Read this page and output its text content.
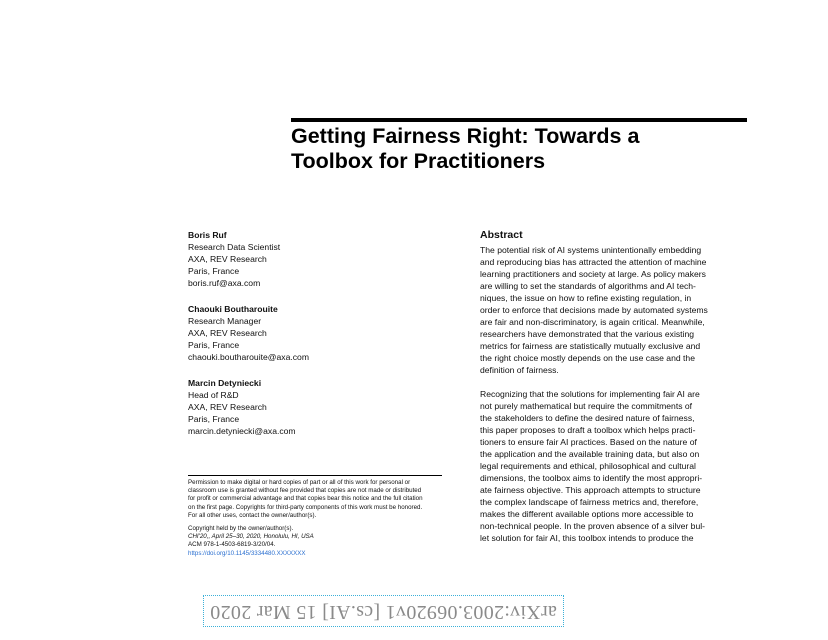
Getting Fairness Right: Towards a
Toolbox for Practitioners
Boris Ruf
Research Data Scientist
AXA, REV Research
Paris, France
boris.ruf@axa.com
Chaouki Boutharouite
Research Manager
AXA, REV Research
Paris, France
chaouki.boutharouite@axa.com
Marcin Detyniecki
Head of R&D
AXA, REV Research
Paris, France
marcin.detyniecki@axa.com
Permission to make digital or hard copies of part or all of this work for personal or
classroom use is granted without fee provided that copies are not made or distributed
for profit or commercial advantage and that copies bear this notice and the full citation
on the first page. Copyrights for third-party components of this work must be honored.
For all other uses, contact the owner/author(s).
Copyright held by the owner/author(s).
CHI'20,, April 25–30, 2020, Honolulu, HI, USA
ACM 978-1-4503-6819-3/20/04.
https://doi.org/10.1145/3334480.XXXXXXX
Abstract
The potential risk of AI systems unintentionally embedding
and reproducing bias has attracted the attention of machine
learning practitioners and society at large. As policy makers
are willing to set the standards of algorithms and AI tech-
niques, the issue on how to refine existing regulation, in
order to enforce that decisions made by automated systems
are fair and non-discriminatory, is again critical. Meanwhile,
researchers have demonstrated that the various existing
metrics for fairness are statistically mutually exclusive and
the right choice mostly depends on the use case and the
definition of fairness.
Recognizing that the solutions for implementing fair AI are
not purely mathematical but require the commitments of
the stakeholders to define the desired nature of fairness,
this paper proposes to draft a toolbox which helps practi-
tioners to ensure fair AI practices. Based on the nature of
the application and the available training data, but also on
legal requirements and ethical, philosophical and cultural
dimensions, the toolbox aims to identify the most appropri-
ate fairness objective. This approach attempts to structure
the complex landscape of fairness metrics and, therefore,
makes the different available options more accessible to
non-technical people. In the proven absence of a silver bul-
let solution for fair AI, this toolbox intends to produce the
arXiv:2003.06920v1 [cs.AI] 15 Mar 2020
